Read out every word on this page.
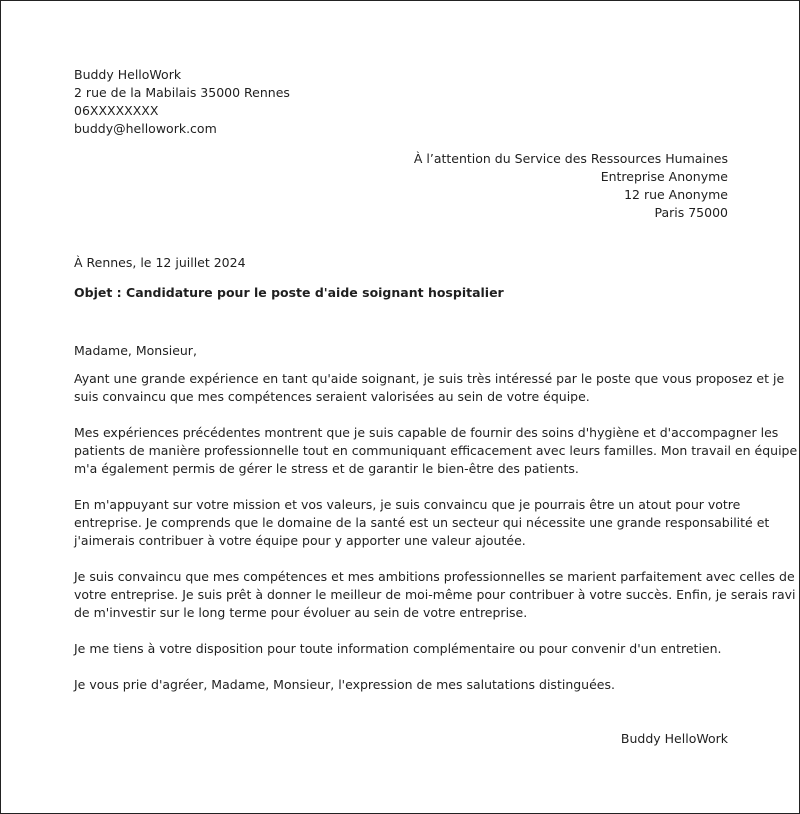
Buddy HelloWork
2 rue de la Mabilais 35000 Rennes
06XXXXXXXX
buddy@hellowork.com
À l’attention du Service des Ressources Humaines
Entreprise Anonyme
12 rue Anonyme
Paris 75000
À Rennes, le 12 juillet 2024
Objet : Candidature pour le poste d'aide soignant hospitalier
Madame, Monsieur,
Ayant une grande expérience en tant qu'aide soignant, je suis très intéressé par le poste que vous proposez et je
suis convaincu que mes compétences seraient valorisées au sein de votre équipe.
Mes expériences précédentes montrent que je suis capable de fournir des soins d'hygiène et d'accompagner les
patients de manière professionnelle tout en communiquant efficacement avec leurs familles. Mon travail en équipe
m'a également permis de gérer le stress et de garantir le bien-être des patients.
En m'appuyant sur votre mission et vos valeurs, je suis convaincu que je pourrais être un atout pour votre
entreprise. Je comprends que le domaine de la santé est un secteur qui nécessite une grande responsabilité et
j'aimerais contribuer à votre équipe pour y apporter une valeur ajoutée.
Je suis convaincu que mes compétences et mes ambitions professionnelles se marient parfaitement avec celles de
votre entreprise. Je suis prêt à donner le meilleur de moi-même pour contribuer à votre succès. Enfin, je serais ravi
de m'investir sur le long terme pour évoluer au sein de votre entreprise.
Je me tiens à votre disposition pour toute information complémentaire ou pour convenir d'un entretien.
Je vous prie d'agréer, Madame, Monsieur, l'expression de mes salutations distinguées.
Buddy HelloWork
